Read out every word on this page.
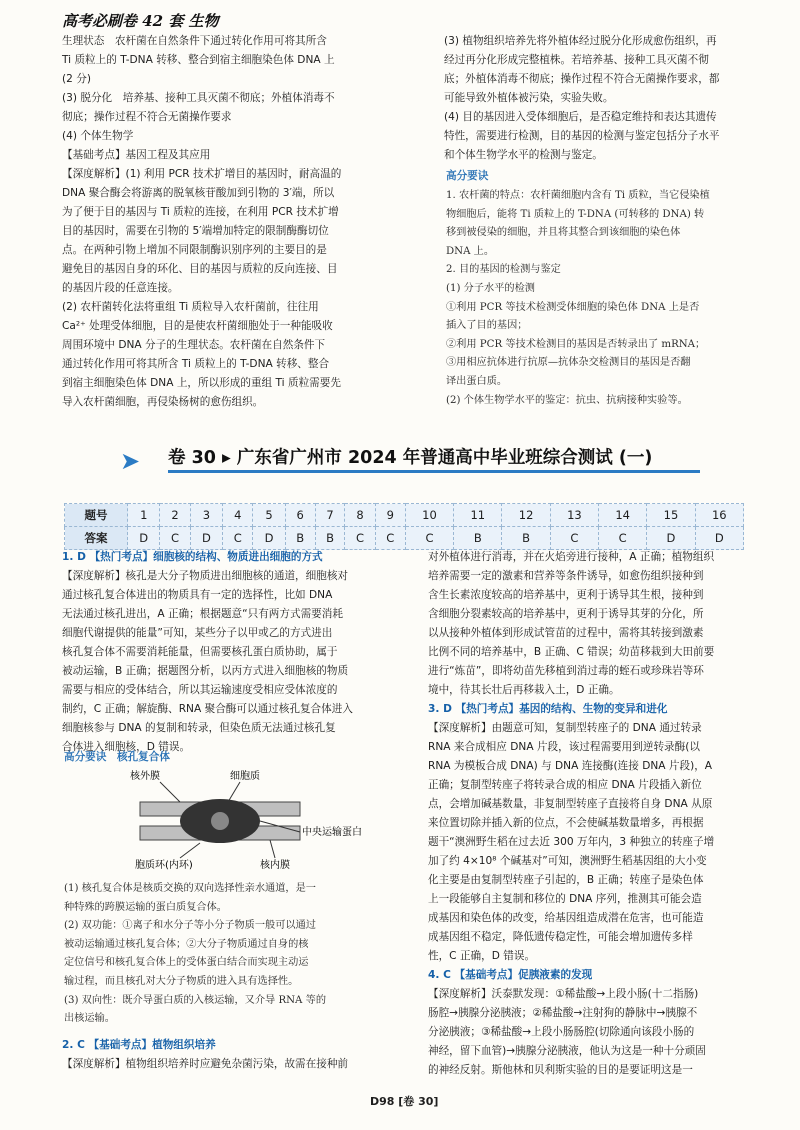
高考必刷卷 42 套 生物

生理状态　农杆菌在自然条件下通过转化作用可将其所含

Ti 质粒上的 T-DNA 转移、整合到宿主细胞染色体 DNA 上

(2 分)

(3) 脱分化　培养基、接种工具灭菌不彻底；外植体消毒不

彻底；操作过程不符合无菌操作要求

(4) 个体生物学

【基础考点】基因工程及其应用

【深度解析】(1) 利用 PCR 技术扩增目的基因时，耐高温的

DNA 聚合酶会将游离的脱氧核苷酸加到引物的 3′端，所以

为了便于目的基因与 Ti 质粒的连接，在利用 PCR 技术扩增

目的基因时，需要在引物的 5′端增加特定的限制酶酶切位

点。在两种引物上增加不同限制酶识别序列的主要目的是

避免目的基因自身的环化、目的基因与质粒的反向连接、目

的基因片段的任意连接。

(2) 农杆菌转化法将重组 Ti 质粒导入农杆菌前，往往用

Ca²⁺ 处理受体细胞，目的是使农杆菌细胞处于一种能吸收

周围环境中 DNA 分子的生理状态。农杆菌在自然条件下

通过转化作用可将其所含 Ti 质粒上的 T-DNA 转移、整合

到宿主细胞染色体 DNA 上，所以形成的重组 Ti 质粒需要先

导入农杆菌细胞，再侵染杨树的愈伤组织。

(3) 植物组织培养先将外植体经过脱分化形成愈伤组织，再

经过再分化形成完整植株。若培养基、接种工具灭菌不彻

底；外植体消毒不彻底；操作过程不符合无菌操作要求，都

可能导致外植体被污染，实验失败。

(4) 目的基因进入受体细胞后，是否稳定维持和表达其遗传

特性，需要进行检测，目的基因的检测与鉴定包括分子水平

和个体生物学水平的检测与鉴定。

高分要诀

1. 农杆菌的特点：农杆菌细胞内含有 Ti 质粒，当它侵染植

物细胞后，能将 Ti 质粒上的 T-DNA (可转移的 DNA) 转

移到被侵染的细胞，并且将其整合到该细胞的染色体

DNA 上。

2. 目的基因的检测与鉴定

(1) 分子水平的检测

①利用 PCR 等技术检测受体细胞的染色体 DNA 上是否

插入了目的基因；

②利用 PCR 等技术检测目的基因是否转录出了 mRNA；

③用相应抗体进行抗原—抗体杂交检测目的基因是否翻

译出蛋白质。

(2) 个体生物学水平的鉴定：抗虫、抗病接种实验等。

➤ 卷 30 ▸ 广东省广州市 2024 年普通高中毕业班综合测试 (一)
题号	1	2	3	4	5	6	7	8	9	10	11	12	13	14	15	16
答案	D	C	D	C	D	B	B	C	C	C	B	B	C	C	D	D

1. D 【热门考点】细胞核的结构、物质进出细胞的方式

【深度解析】核孔是大分子物质进出细胞核的通道，细胞核对

通过核孔复合体进出的物质具有一定的选择性，比如 DNA

无法通过核孔进出，A 正确；根据题意“只有两方式需要消耗

细胞代谢提供的能量”可知，某些分子以甲或乙的方式进出

核孔复合体不需要消耗能量，但需要核孔蛋白质协助，属于

被动运输，B 正确；据题图分析，以丙方式进入细胞核的物质

需要与相应的受体结合，所以其运输速度受相应受体浓度的

制约，C 正确；解旋酶、RNA 聚合酶可以通过核孔复合体进入

细胞核参与 DNA 的复制和转录，但染色质无法通过核孔复

合体进入细胞核，D 错误。

高分要诀　核孔复合体
核外膜	细胞质
中央运输蛋白
胞质环(内环)	核内膜

(1) 核孔复合体是核质交换的双向选择性亲水通道，是一

种特殊的跨膜运输的蛋白质复合体。

(2) 双功能：①离子和水分子等小分子物质一般可以通过

被动运输通过核孔复合体；②大分子物质通过自身的核

定位信号和核孔复合体上的受体蛋白结合而实现主动运

输过程，而且核孔对大分子物质的进入具有选择性。

(3) 双向性：既介导蛋白质的入核运输，又介导 RNA 等的

出核运输。

2. C 【基础考点】植物组织培养

【深度解析】植物组织培养时应避免杂菌污染，故需在接种前

对外植体进行消毒，并在火焰旁进行接种，A 正确；植物组织

培养需要一定的激素和营养等条件诱导，如愈伤组织接种到

含生长素浓度较高的培养基中，更利于诱导其生根，接种到

含细胞分裂素较高的培养基中，更利于诱导其芽的分化，所

以从接种外植体到形成试管苗的过程中，需将其转接到激素

比例不同的培养基中，B 正确、C 错误；幼苗移栽到大田前要

进行“炼苗”，即将幼苗先移植到消过毒的蛭石或珍珠岩等环

境中，待其长壮后再移栽入土，D 正确。

3. D 【热门考点】基因的结构、生物的变异和进化

【深度解析】由题意可知，复制型转座子的 DNA 通过转录

RNA 来合成相应 DNA 片段，该过程需要用到逆转录酶(以

RNA 为模板合成 DNA) 与 DNA 连接酶(连接 DNA 片段)，A

正确；复制型转座子将转录合成的相应 DNA 片段插入新位

点，会增加碱基数量，非复制型转座子直接将自身 DNA 从原

来位置切除并插入新的位点，不会使碱基数量增多，再根据

题干“澳洲野生稻在过去近 300 万年内，3 种独立的转座子增

加了约 4×10⁸ 个碱基对”可知，澳洲野生稻基因组的大小变

化主要是由复制型转座子引起的，B 正确；转座子是染色体

上一段能够自主复制和移位的 DNA 序列，推测其可能会造

成基因和染色体的改变，给基因组造成潜在危害，也可能造

成基因组不稳定，降低遗传稳定性，可能会增加遗传多样

性，C 正确，D 错误。

4. C 【基础考点】促胰液素的发现

【深度解析】沃泰默发现：①稀盐酸→上段小肠(十二指肠)

肠腔→胰腺分泌胰液；②稀盐酸→注射狗的静脉中→胰腺不

分泌胰液；③稀盐酸→上段小肠肠腔(切除通向该段小肠的

神经，留下血管)→胰腺分泌胰液，他认为这是一种十分顽固

的神经反射。斯他林和贝利斯实验的目的是要证明这是一

D98 [卷 30]
